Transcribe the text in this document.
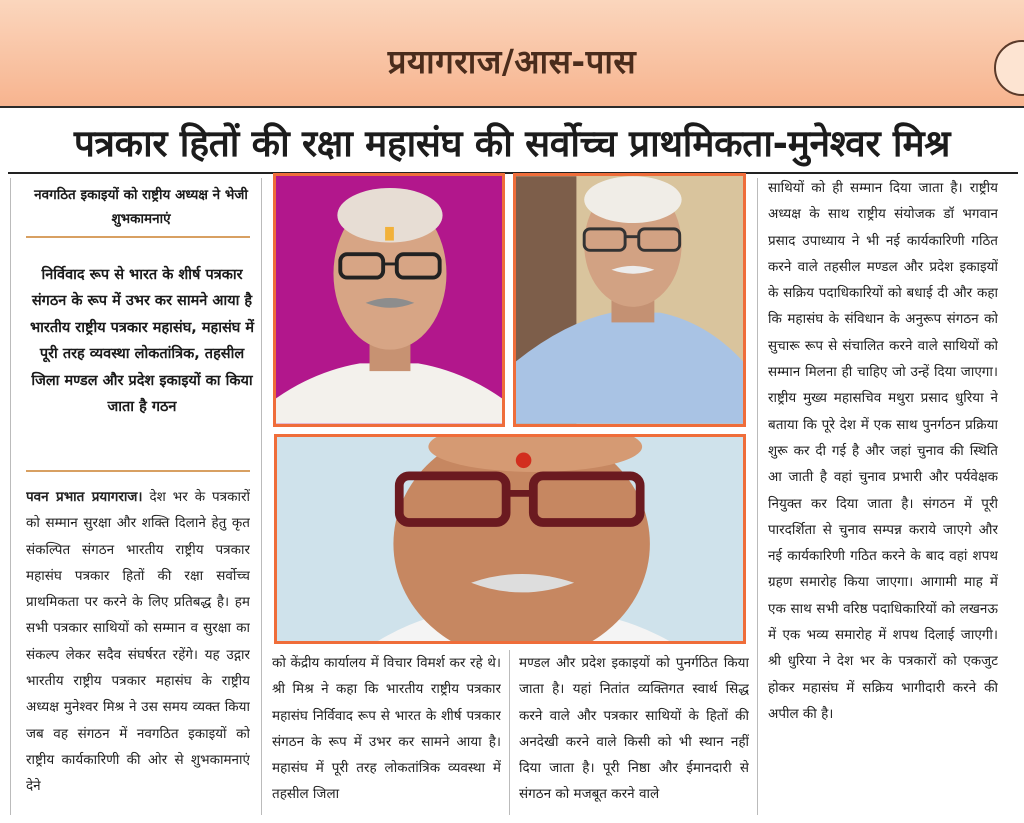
प्रयागराज/आस-पास
पत्रकार हितों की रक्षा महासंघ की सर्वोच्च प्राथमिकता-मुनेश्वर मिश्र
नवगठित इकाइयों को राष्ट्रीय अध्यक्ष ने भेजी शुभकामनाएं
निर्विवाद रूप से भारत के शीर्ष पत्रकार संगठन के रूप में उभर कर सामने आया है भारतीय राष्ट्रीय पत्रकार महासंघ, महासंघ में पूरी तरह व्यवस्था लोकतांत्रिक, तहसील जिला मण्डल और प्रदेश इकाइयों का किया जाता है गठन
पवन प्रभात प्रयागराज। देश भर के पत्रकारों को सम्मान सुरक्षा और शक्ति दिलाने हेतु कृत संकल्पित संगठन भारतीय राष्ट्रीय पत्रकार महासंघ पत्रकार हितों की रक्षा सर्वोच्च प्राथमिकता पर करने के लिए प्रतिबद्ध है। हम सभी पत्रकार साथियों को सम्मान व सुरक्षा का संकल्प लेकर सदैव संघर्षरत रहेंगे। यह उद्गार भारतीय राष्ट्रीय पत्रकार महासंघ के राष्ट्रीय अध्यक्ष मुनेश्वर मिश्र ने उस समय व्यक्त किया जब वह संगठन में नवगठित इकाइयों को राष्ट्रीय कार्यकारिणी की ओर से शुभकामनाएं देने
को केंद्रीय कार्यालय में विचार विमर्श कर रहे थे। श्री मिश्र ने कहा कि भारतीय राष्ट्रीय पत्रकार महासंघ निर्विवाद रूप से भारत के शीर्ष पत्रकार संगठन के रूप में उभर कर सामने आया है। महासंघ में पूरी तरह लोकतांत्रिक व्यवस्था में तहसील जिला
मण्डल और प्रदेश इकाइयों को पुनर्गठित किया जाता है। यहां नितांत व्यक्तिगत स्वार्थ सिद्ध करने वाले और पत्रकार साथियों के हितों की अनदेखी करने वाले किसी को भी स्थान नहीं दिया जाता है। पूरी निष्ठा और ईमानदारी से संगठन को मजबूत करने वाले
साथियों को ही सम्मान दिया जाता है। राष्ट्रीय अध्यक्ष के साथ राष्ट्रीय संयोजक डॉ भगवान प्रसाद उपाध्याय ने भी नई कार्यकारिणी गठित करने वाले तहसील मण्डल और प्रदेश इकाइयों के सक्रिय पदाधिकारियों को बधाई दी और कहा कि महासंघ के संविधान के अनुरूप संगठन को सुचारू रूप से संचालित करने वाले साथियों को सम्मान मिलना ही चाहिए जो उन्हें दिया जाएगा। राष्ट्रीय मुख्य महासचिव मथुरा प्रसाद धुरिया ने बताया कि पूरे देश में एक साथ पुनर्गठन प्रक्रिया शुरू कर दी गई है और जहां चुनाव की स्थिति आ जाती है वहां चुनाव प्रभारी और पर्यवेक्षक नियुक्त कर दिया जाता है। संगठन में पूरी पारदर्शिता से चुनाव सम्पन्न कराये जाएगे और नई कार्यकारिणी गठित करने के बाद वहां शपथ ग्रहण समारोह किया जाएगा। आगामी माह में एक साथ सभी वरिष्ठ पदाधिकारियों को लखनऊ में एक भव्य समारोह में शपथ दिलाई जाएगी। श्री धुरिया ने देश भर के पत्रकारों को एकजुट होकर महासंघ में सक्रिय भागीदारी करने की अपील की है।
